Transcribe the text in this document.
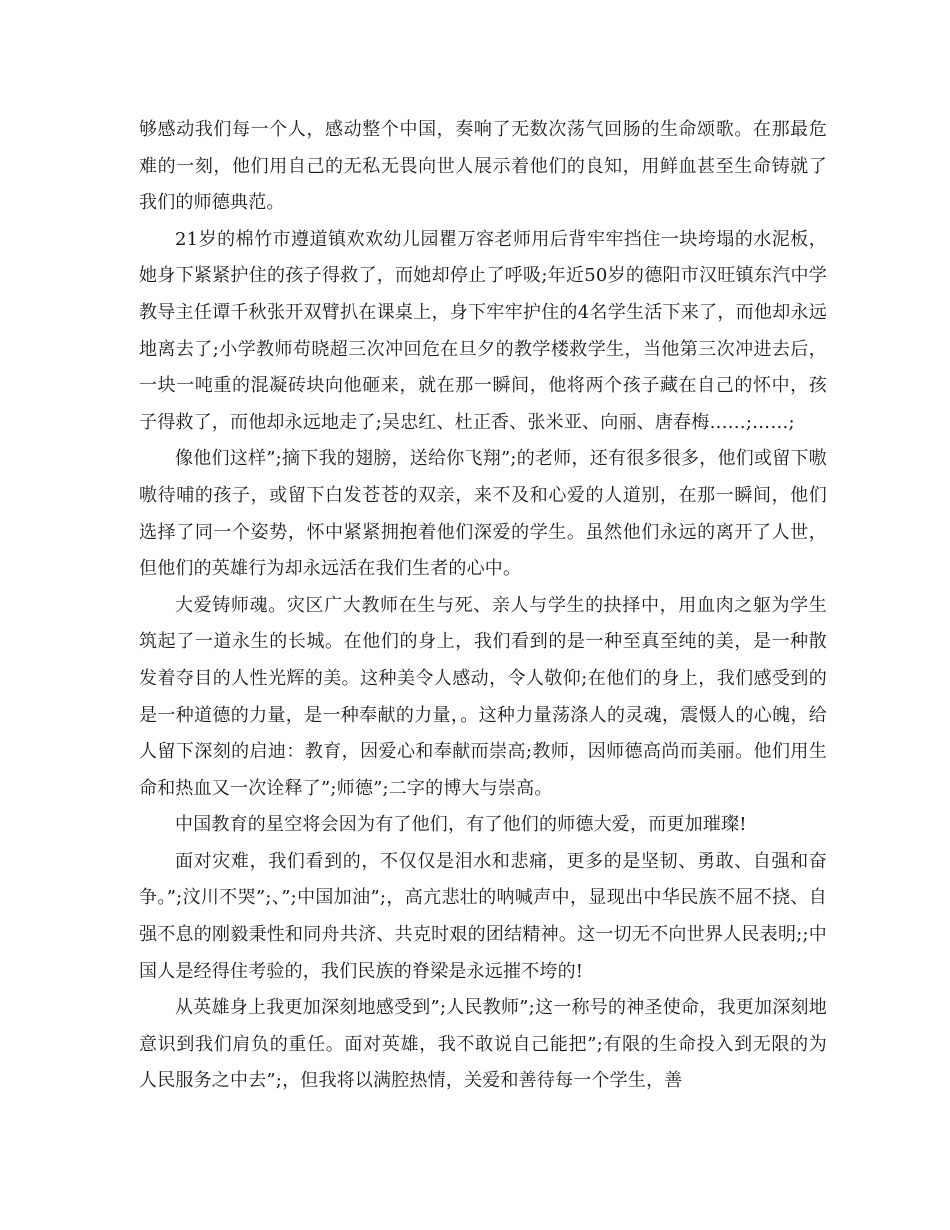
够感动我们每一个人，感动整个中国，奏响了无数次荡气回肠的生命颂歌。在那最危难的一刻，他们用自己的无私无畏向世人展示着他们的良知，用鲜血甚至生命铸就了我们的师德典范。

21岁的棉竹市遵道镇欢欢幼儿园瞿万容老师用后背牢牢挡住一块垮塌的水泥板，她身下紧紧护住的孩子得救了，而她却停止了呼吸;年近50岁的德阳市汉旺镇东汽中学教导主任谭千秋张开双臂扒在课桌上，身下牢牢护住的4名学生活下来了，而他却永远地离去了;小学教师苟晓超三次冲回危在旦夕的教学楼救学生，当他第三次冲进去后，一块一吨重的混凝砖块向他砸来，就在那一瞬间，他将两个孩子藏在自己的怀中，孩子得救了，而他却永远地走了;吴忠红、杜正香、张米亚、向丽、唐春梅……;……;

像他们这样”;摘下我的翅膀，送给你飞翔”;的老师，还有很多很多，他们或留下嗷嗷待哺的孩子，或留下白发苍苍的双亲，来不及和心爱的人道别，在那一瞬间，他们选择了同一个姿势，怀中紧紧拥抱着他们深爱的学生。虽然他们永远的离开了人世，但他们的英雄行为却永远活在我们生者的心中。

大爱铸师魂。灾区广大教师在生与死、亲人与学生的抉择中，用血肉之躯为学生筑起了一道永生的长城。在他们的身上，我们看到的是一种至真至纯的美，是一种散发着夺目的人性光辉的美。这种美令人感动，令人敬仰;在他们的身上，我们感受到的是一种道德的力量，是一种奉献的力量，。这种力量荡涤人的灵魂，震慑人的心魄，给人留下深刻的启迪：教育，因爱心和奉献而崇高;教师，因师德高尚而美丽。他们用生命和热血又一次诠释了”;师德”;二字的博大与崇高。

中国教育的星空将会因为有了他们，有了他们的师德大爱，而更加璀璨!

面对灾难，我们看到的，不仅仅是泪水和悲痛，更多的是坚韧、勇敢、自强和奋争。”;汶川不哭”;、”;中国加油”;，高亢悲壮的呐喊声中，显现出中华民族不屈不挠、自强不息的刚毅秉性和同舟共济、共克时艰的团结精神。这一切无不向世界人民表明;;中国人是经得住考验的，我们民族的脊梁是永远摧不垮的!

从英雄身上我更加深刻地感受到”;人民教师”;这一称号的神圣使命，我更加深刻地意识到我们肩负的重任。面对英雄，我不敢说自己能把”;有限的生命投入到无限的为人民服务之中去”;，但我将以满腔热情，关爱和善待每一个学生，善
